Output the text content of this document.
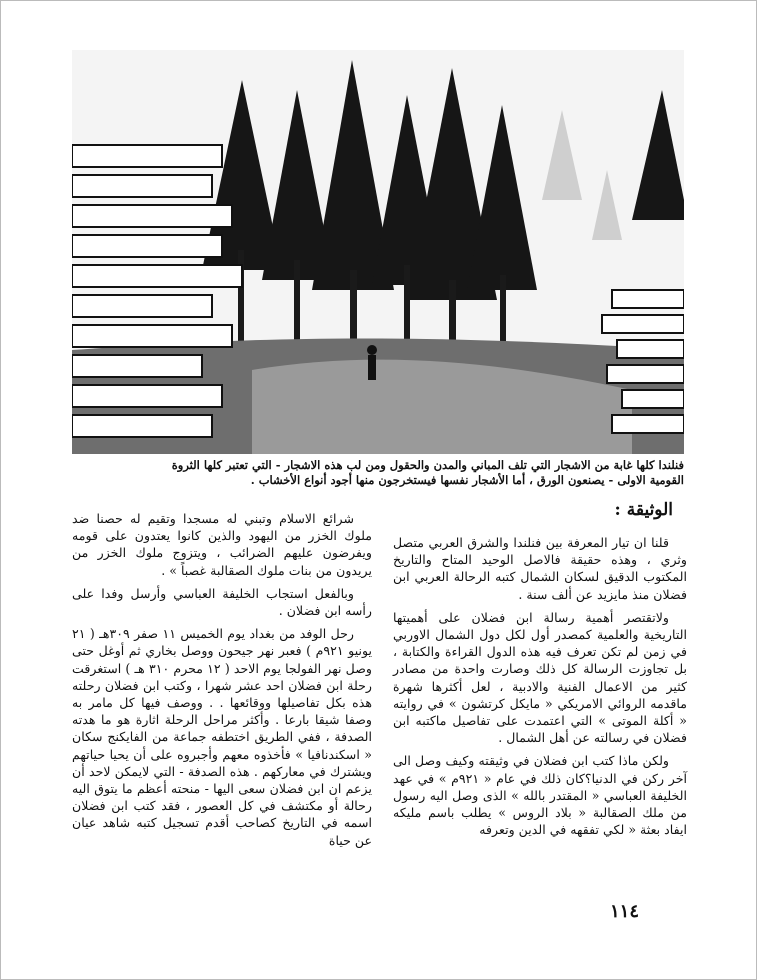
فنلندا كلها غابة من الاشجار التي تلف المباني والمدن والحقول ومن لب هذه الاشجار - التي تعتبر كلها الثروة

القومية الاولى - يصنعون الورق ، أما الأشجار نفسها فيستخرجون منها أجود أنواع الأخشاب .

الوثيقة :

قلنا ان تيار المعرفة بين فنلندا والشرق العربي متصل وثري ، وهذه حقيقة فالاصل الوحيد المتاح والتاريخ المكتوب الدقيق لسكان الشمال كتبه الرحالة العربي ابن فضلان منذ مايزيد عن ألف سنة .

ولاتقتصر أهمية رسالة ابن فضلان على أهميتها التاريخية والعلمية كمصدر أول لكل دول الشمال الاوربي في زمن لم تكن تعرف فيه هذه الدول القراءة والكتابة ، بل تجاوزت الرسالة كل ذلك وصارت واحدة من مصادر كثير من الاعمال الفنية والادبية ، لعل أكثرها شهرة ماقدمه الروائي الامريكي « مايكل كرتشون » في روايته « أكلة الموتى » التي اعتمدت على تفاصيل ماكتبه ابن فضلان في رسالته عن أهل الشمال .

ولكن ماذا كتب ابن فضلان في وثيقته وكيف وصل الى آخر ركن في الدنيا؟كان ذلك في عام « ٩٢١م » في عهد الخليفة العباسي « المقتدر بالله » الذى وصل اليه رسول من ملك الصقالبة « بلاد الروس » يطلب باسم مليكه ايفاد بعثة « لكي تفقهه في الدين وتعرفه

شرائع الاسلام وتبني له مسجدا وتقيم له حصنا ضد ملوك الخزر من اليهود والذين كانوا يعتدون على قومه ويفرضون عليهم الضرائب ، ويتزوج ملوك الخزر من يريدون من بنات ملوك الصقالبة غصباً » .

وبالفعل استجاب الخليفة العباسي وأرسل وفدا على رأسه ابن فضلان .

رحل الوفد من بغداد يوم الخميس ١١ صفر ٣٠٩هـ ( ٢١ يونيو ٩٢١م ) فعبر نهر جيحون ووصل بخاري ثم أوغل حتى وصل نهر الفولجا يوم الاحد ( ١٢ محرم ٣١٠ هـ ) استغرقت رحلة ابن فضلان احد عشر شهرا ، وكتب ابن فضلان رحلته هذه بكل تفاصيلها ووقائعها . . ووصف فيها كل مامر به وصفا شيقا بارعا . وأكثر مراحل الرحلة اثارة هو ما هدته الصدفة ، ففي الطريق اختطفه جماعة من الفايكنج سكان « اسكندنافيا » فأخذوه معهم وأجبروه على أن يحيا حياتهم ويشترك في معاركهم . هذه الصدفة - التي لايمكن لاحد أن يزعم ان ابن فضلان سعى اليها - منحته أعظم ما يتوق اليه رحالة أو مكتشف في كل العصور ، فقد كتب ابن فضلان اسمه في التاريخ كصاحب أقدم تسجيل كتبه شاهد عيان عن حياة

١١٤
